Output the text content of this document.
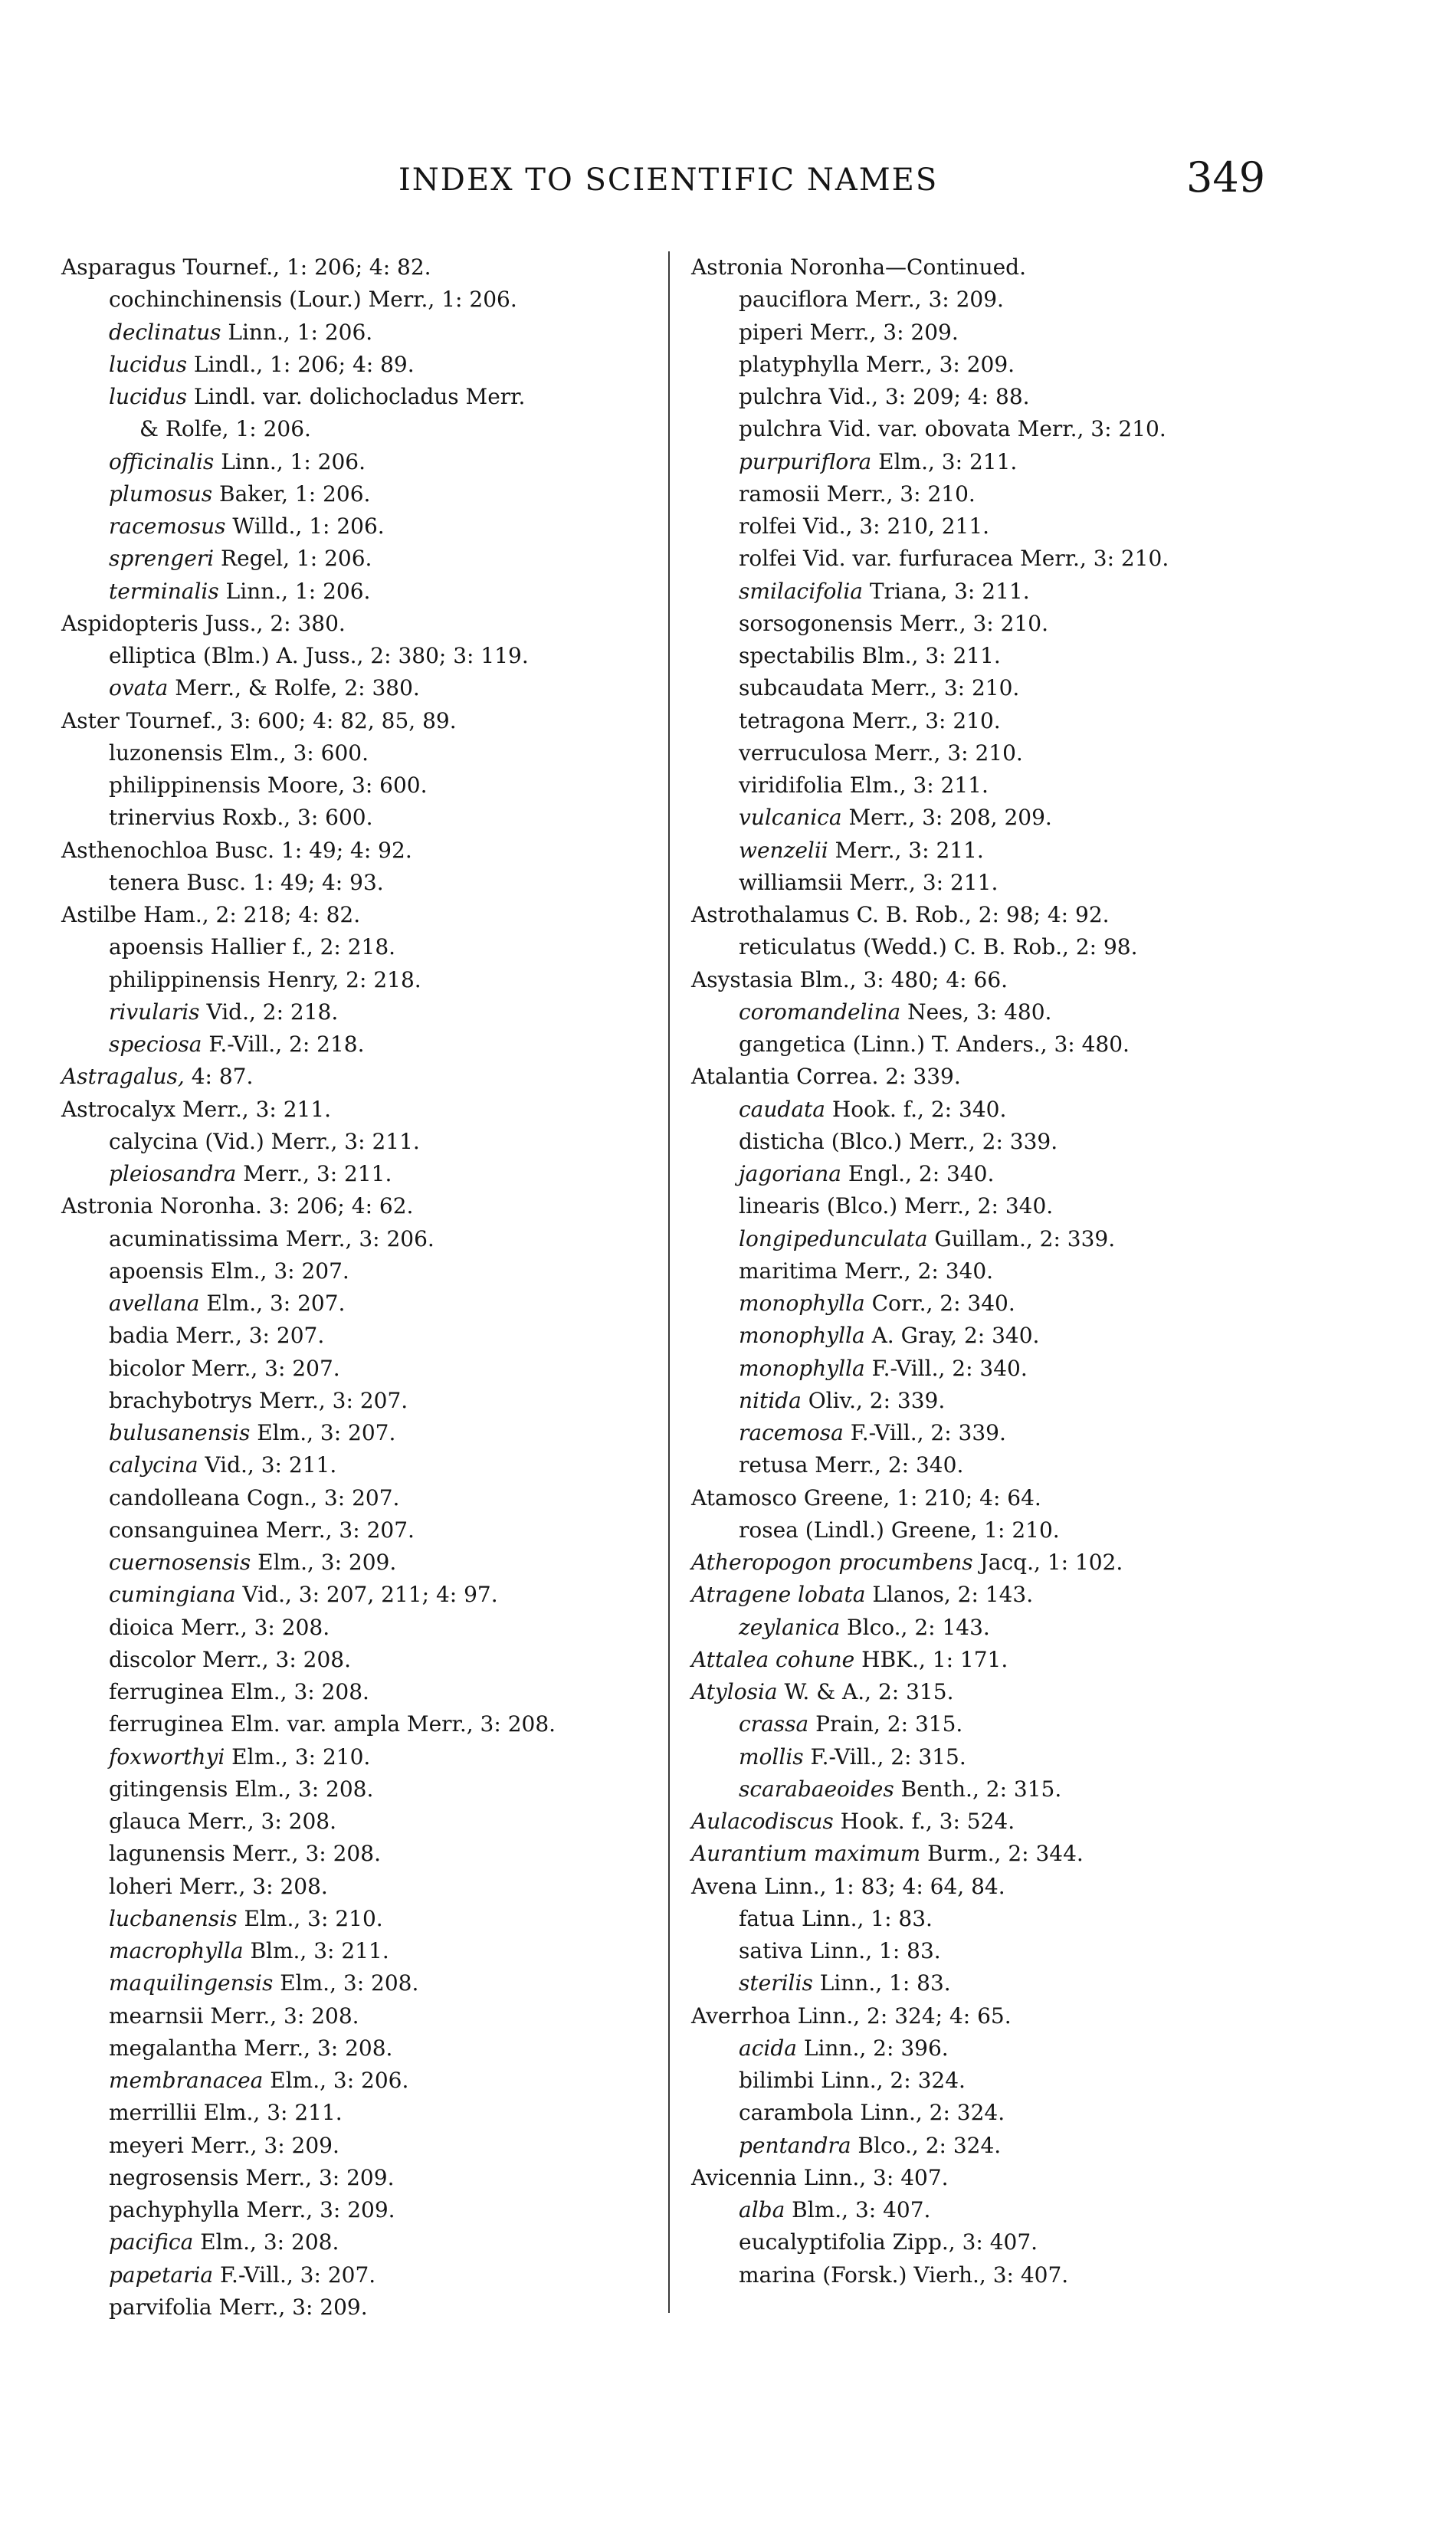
INDEX TO SCIENTIFIC NAMES	349
Asparagus Tournef., 1: 206; 4: 82.
cochinchinensis (Lour.) Merr., 1: 206.
declinatus Linn., 1: 206.
lucidus Lindl., 1: 206; 4: 89.
lucidus Lindl. var. dolichocladus Merr.
& Rolfe, 1: 206.
officinalis Linn., 1: 206.
plumosus Baker, 1: 206.
racemosus Willd., 1: 206.
sprengeri Regel, 1: 206.
terminalis Linn., 1: 206.
Aspidopteris Juss., 2: 380.
elliptica (Blm.) A. Juss., 2: 380; 3: 119.
ovata Merr., & Rolfe, 2: 380.
Aster Tournef., 3: 600; 4: 82, 85, 89.
luzonensis Elm., 3: 600.
philippinensis Moore, 3: 600.
trinervius Roxb., 3: 600.
Asthenochloa Busc. 1: 49; 4: 92.
tenera Busc. 1: 49; 4: 93.
Astilbe Ham., 2: 218; 4: 82.
apoensis Hallier f., 2: 218.
philippinensis Henry, 2: 218.
rivularis Vid., 2: 218.
speciosa F.-Vill., 2: 218.
Astragalus, 4: 87.
Astrocalyx Merr., 3: 211.
calycina (Vid.) Merr., 3: 211.
pleiosandra Merr., 3: 211.
Astronia Noronha. 3: 206; 4: 62.
acuminatissima Merr., 3: 206.
apoensis Elm., 3: 207.
avellana Elm., 3: 207.
badia Merr., 3: 207.
bicolor Merr., 3: 207.
brachybotrys Merr., 3: 207.
bulusanensis Elm., 3: 207.
calycina Vid., 3: 211.
candolleana Cogn., 3: 207.
consanguinea Merr., 3: 207.
cuernosensis Elm., 3: 209.
cumingiana Vid., 3: 207, 211; 4: 97.
dioica Merr., 3: 208.
discolor Merr., 3: 208.
ferruginea Elm., 3: 208.
ferruginea Elm. var. ampla Merr., 3: 208.
foxworthyi Elm., 3: 210.
gitingensis Elm., 3: 208.
glauca Merr., 3: 208.
lagunensis Merr., 3: 208.
loheri Merr., 3: 208.
lucbanensis Elm., 3: 210.
macrophylla Blm., 3: 211.
maquilingensis Elm., 3: 208.
mearnsii Merr., 3: 208.
megalantha Merr., 3: 208.
membranacea Elm., 3: 206.
merrillii Elm., 3: 211.
meyeri Merr., 3: 209.
negrosensis Merr., 3: 209.
pachyphylla Merr., 3: 209.
pacifica Elm., 3: 208.
papetaria F.-Vill., 3: 207.
parvifolia Merr., 3: 209.
Astronia Noronha—Continued.
pauciflora Merr., 3: 209.
piperi Merr., 3: 209.
platyphylla Merr., 3: 209.
pulchra Vid., 3: 209; 4: 88.
pulchra Vid. var. obovata Merr., 3: 210.
purpuriflora Elm., 3: 211.
ramosii Merr., 3: 210.
rolfei Vid., 3: 210, 211.
rolfei Vid. var. furfuracea Merr., 3: 210.
smilacifolia Triana, 3: 211.
sorsogonensis Merr., 3: 210.
spectabilis Blm., 3: 211.
subcaudata Merr., 3: 210.
tetragona Merr., 3: 210.
verruculosa Merr., 3: 210.
viridifolia Elm., 3: 211.
vulcanica Merr., 3: 208, 209.
wenzelii Merr., 3: 211.
williamsii Merr., 3: 211.
Astrothalamus C. B. Rob., 2: 98; 4: 92.
reticulatus (Wedd.) C. B. Rob., 2: 98.
Asystasia Blm., 3: 480; 4: 66.
coromandelina Nees, 3: 480.
gangetica (Linn.) T. Anders., 3: 480.
Atalantia Correa. 2: 339.
caudata Hook. f., 2: 340.
disticha (Blco.) Merr., 2: 339.
jagoriana Engl., 2: 340.
linearis (Blco.) Merr., 2: 340.
longipedunculata Guillam., 2: 339.
maritima Merr., 2: 340.
monophylla Corr., 2: 340.
monophylla A. Gray, 2: 340.
monophylla F.-Vill., 2: 340.
nitida Oliv., 2: 339.
racemosa F.-Vill., 2: 339.
retusa Merr., 2: 340.
Atamosco Greene, 1: 210; 4: 64.
rosea (Lindl.) Greene, 1: 210.
Atheropogon procumbens Jacq., 1: 102.
Atragene lobata Llanos, 2: 143.
zeylanica Blco., 2: 143.
Attalea cohune HBK., 1: 171.
Atylosia W. & A., 2: 315.
crassa Prain, 2: 315.
mollis F.-Vill., 2: 315.
scarabaeoides Benth., 2: 315.
Aulacodiscus Hook. f., 3: 524.
Aurantium maximum Burm., 2: 344.
Avena Linn., 1: 83; 4: 64, 84.
fatua Linn., 1: 83.
sativa Linn., 1: 83.
sterilis Linn., 1: 83.
Averrhoa Linn., 2: 324; 4: 65.
acida Linn., 2: 396.
bilimbi Linn., 2: 324.
carambola Linn., 2: 324.
pentandra Blco., 2: 324.
Avicennia Linn., 3: 407.
alba Blm., 3: 407.
eucalyptifolia Zipp., 3: 407.
marina (Forsk.) Vierh., 3: 407.
